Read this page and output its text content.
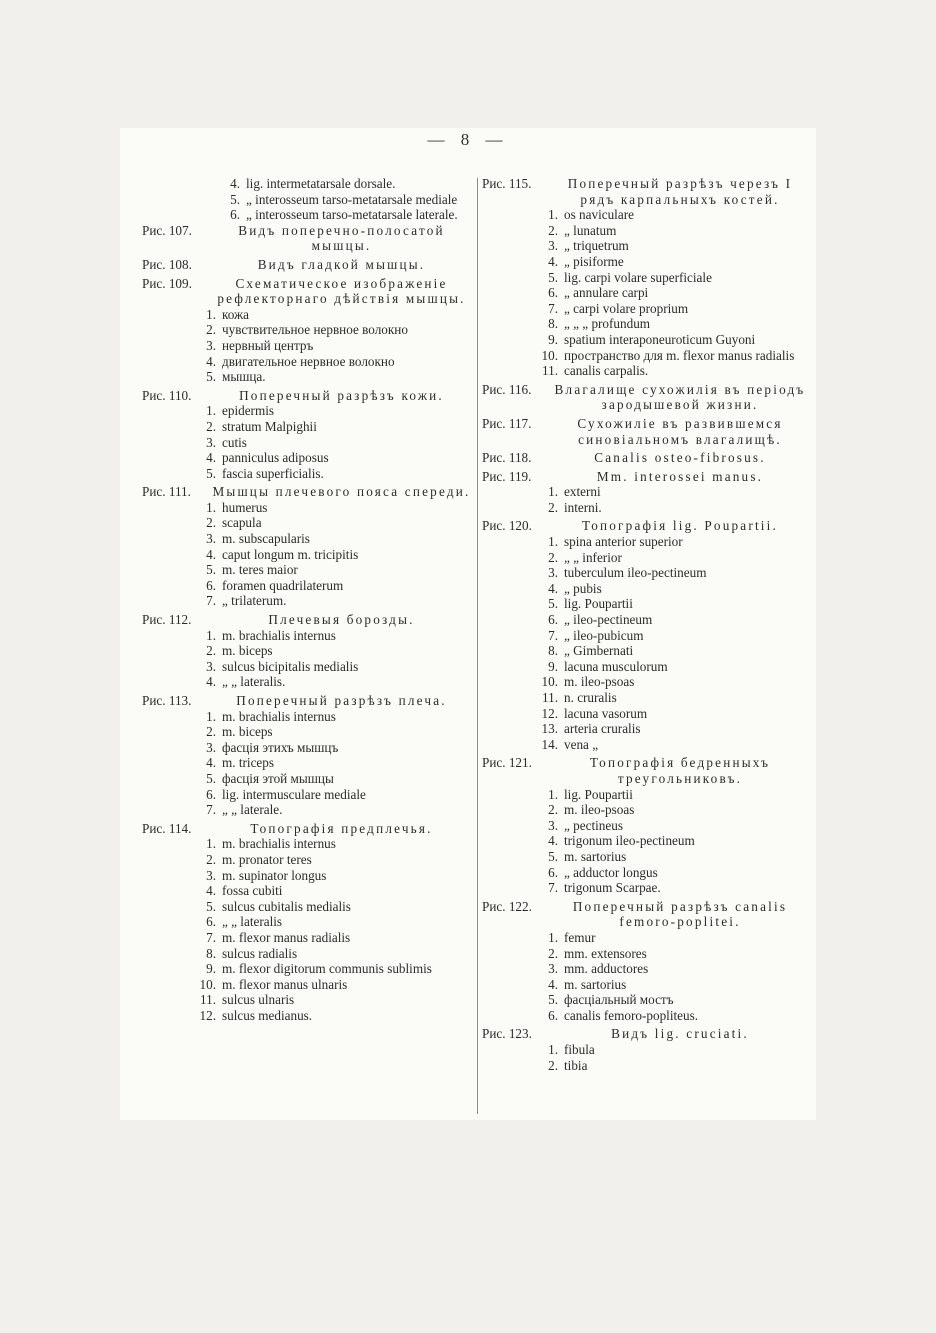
— 8 —
4. lig. intermetatarsale dorsale.
5. „ interosseum tarso-metatarsale mediale
6. „ interosseum tarso-metatarsale laterale.
Рис. 107.	Видъ поперечно-полосатой мышцы.
Рис. 108.	Видъ гладкой мышцы.
Рис. 109.	Схематическое изображеніе рефлекторнаго дѣйствія мышцы.
1. кожа
2. чувствительное нервное волокно
3. нервный центръ
4. двигательное нервное волокно
5. мышца.
Рис. 110.	Поперечный разрѣзъ кожи.
1. epidermis
2. stratum Malpighii
3. cutis
4. panniculus adiposus
5. fascia superficialis.
Рис. 111.	Мышцы плечевого пояса спереди.
1. humerus
2. scapula
3. m. subscapularis
4. caput longum m. tricipitis
5. m. teres maior
6. foramen quadrilaterum
7. „ trilaterum.
Рис. 112.	Плечевыя борозды.
1. m. brachialis internus
2. m. biceps
3. sulcus bicipitalis medialis
4. „ „ lateralis.
Рис. 113.	Поперечный разрѣзъ плеча.
1. m. brachialis internus
2. m. biceps
3. фасція этихъ мышцъ
4. m. triceps
5. фасція этой мышцы
6. lig. intermusculare mediale
7. „ „ laterale.
Рис. 114.	Топографія предплечья.
1. m. brachialis internus
2. m. pronator teres
3. m. supinator longus
4. fossa cubiti
5. sulcus cubitalis medialis
6. „ „ lateralis
7. m. flexor manus radialis
8. sulcus radialis
9. m. flexor digitorum communis sublimis
10. m. flexor manus ulnaris
11. sulcus ulnaris
12. sulcus medianus.
Рис. 115.	Поперечный разрѣзъ черезъ I рядъ карпальныхъ костей.
1. os naviculare
2. „ lunatum
3. „ triquetrum
4. „ pisiforme
5. lig. carpi volare superficiale
6. „ annulare carpi
7. „ carpi volare proprium
8. „ „ „ profundum
9. spatium interaponeuroticum Guyoni
10. пространство для m. flexor manus radialis
11. canalis carpalis.
Рис. 116.	Влагалище сухожилія въ періодъ зародышевой жизни.
Рис. 117.	Сухожиліе въ развившемся синовіальномъ влагалищѣ.
Рис. 118.	Canalis osteo-fibrosus.
Рис. 119.	Mm. interossei manus.
1. externi
2. interni.
Рис. 120.	Топографія lig. Poupartii.
1. spina anterior superior
2. „ „ inferior
3. tuberculum ileo-pectineum
4. „ pubis
5. lig. Poupartii
6. „ ileo-pectineum
7. „ ileo-pubicum
8. „ Gimbernati
9. lacuna musculorum
10. m. ileo-psoas
11. n. cruralis
12. lacuna vasorum
13. arteria cruralis
14. vena „
Рис. 121.	Топографія бедренныхъ треугольниковъ.
1. lig. Poupartii
2. m. ileo-psoas
3. „ pectineus
4. trigonum ileo-pectineum
5. m. sartorius
6. „ adductor longus
7. trigonum Scarpae.
Рис. 122.	Поперечный разрѣзъ canalis femoro-poplitei.
1. femur
2. mm. extensores
3. mm. adductores
4. m. sartorius
5. фасціальный мостъ
6. canalis femoro-popliteus.
Рис. 123.	Видъ lig. cruciati.
1. fibula
2. tibia
